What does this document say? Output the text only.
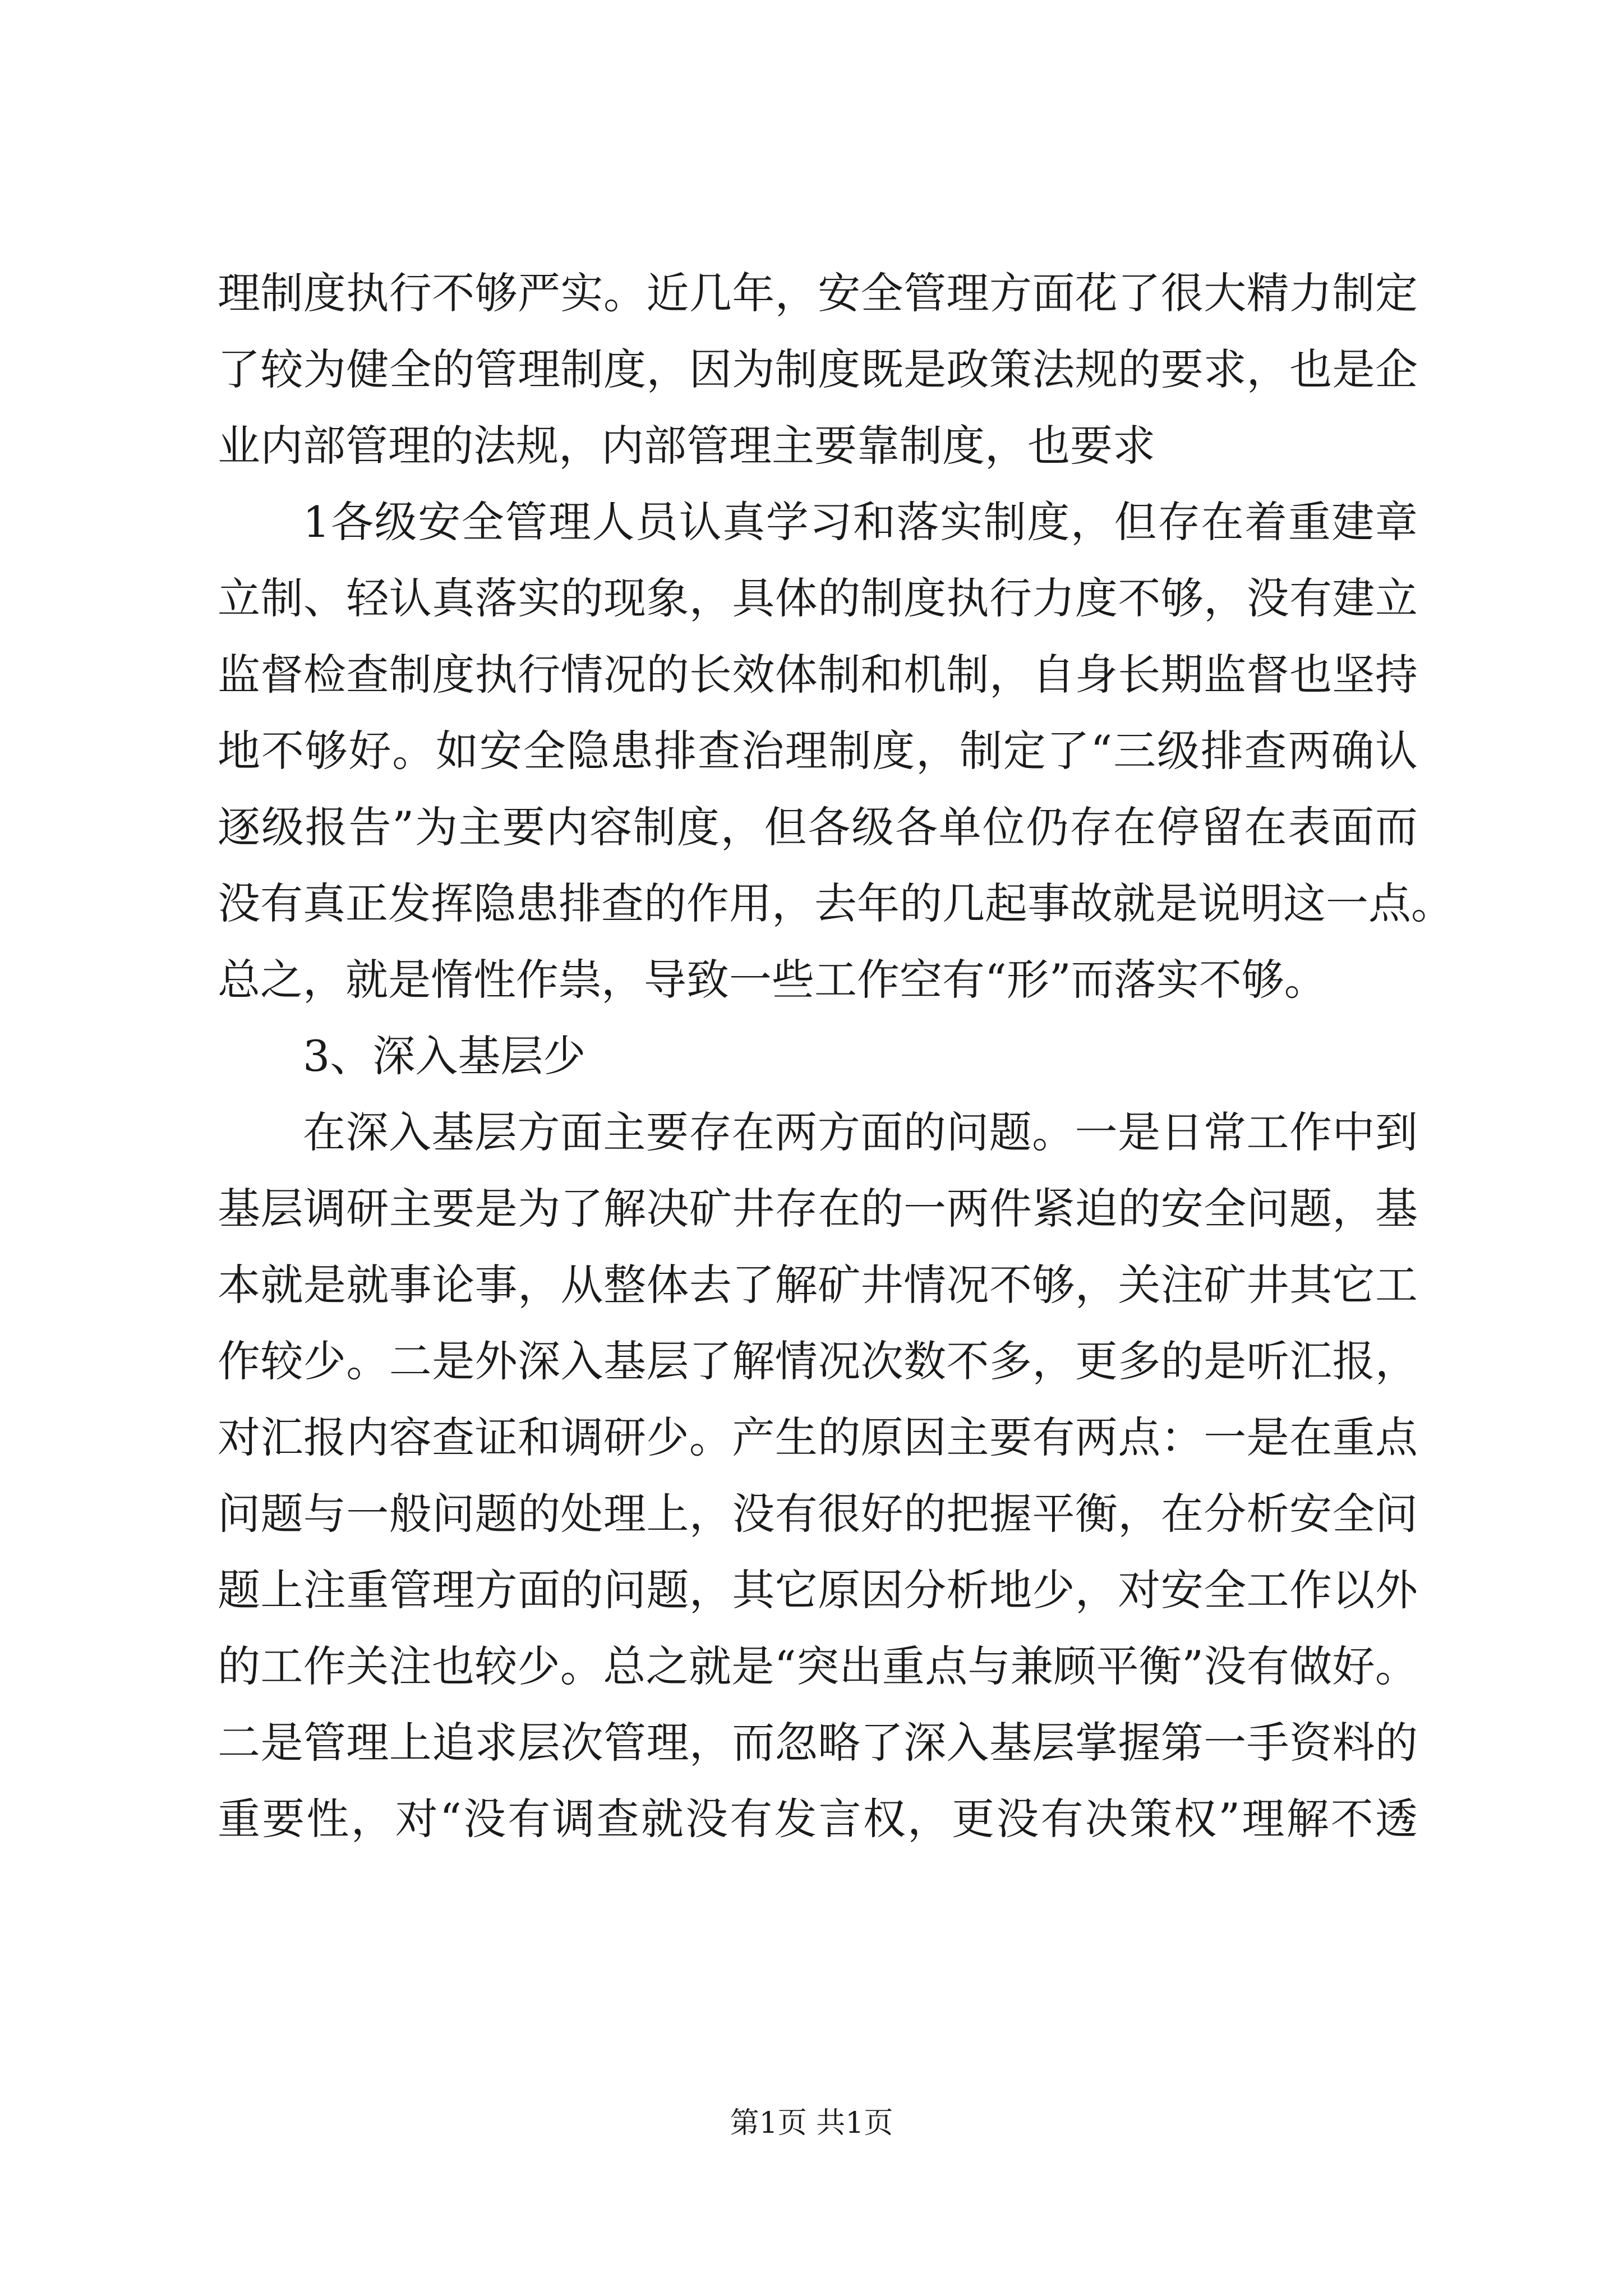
理制度执行不够严实。近几年，安全管理方面花了很大精力制定
了较为健全的管理制度，因为制度既是政策法规的要求，也是企
业内部管理的法规，内部管理主要靠制度，也要求
1各级安全管理人员认真学习和落实制度，但存在着重建章
立制、轻认真落实的现象，具体的制度执行力度不够，没有建立
监督检查制度执行情况的长效体制和机制，自身长期监督也坚持
地不够好。如安全隐患排查治理制度，制定了“三级排查两确认
逐级报告”为主要内容制度，但各级各单位仍存在停留在表面而
没有真正发挥隐患排查的作用，去年的几起事故就是说明这一点。
总之，就是惰性作祟，导致一些工作空有“形”而落实不够。
3、深入基层少
在深入基层方面主要存在两方面的问题。一是日常工作中到
基层调研主要是为了解决矿井存在的一两件紧迫的安全问题，基
本就是就事论事，从整体去了解矿井情况不够，关注矿井其它工
作较少。二是外深入基层了解情况次数不多，更多的是听汇报，
对汇报内容查证和调研少。产生的原因主要有两点：一是在重点
问题与一般问题的处理上，没有很好的把握平衡，在分析安全问
题上注重管理方面的问题，其它原因分析地少，对安全工作以外
的工作关注也较少。总之就是“突出重点与兼顾平衡”没有做好。
二是管理上追求层次管理，而忽略了深入基层掌握第一手资料的
重要性，对“没有调查就没有发言权，更没有决策权”理解不透
第1页 共1页
